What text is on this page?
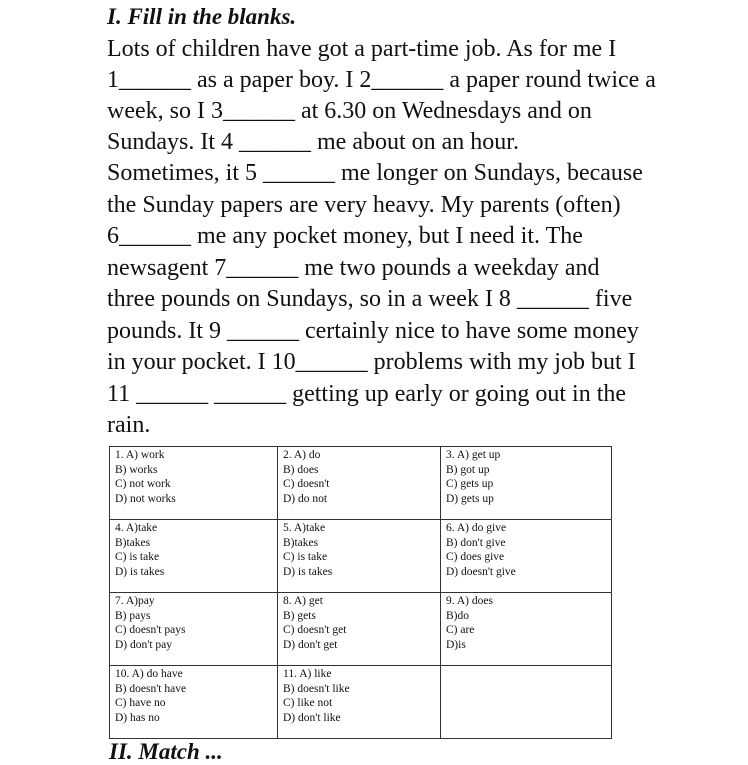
I. Fill in the blanks.
Lots of children have got a part-time job. As for me I
1______ as a paper boy. I 2______ a paper round twice a
week, so I 3______ at 6.30 on Wednesdays and on
Sundays. It 4 ______ me about on an hour.
Sometimes, it 5 ______ me longer on Sundays, because
the Sunday papers are very heavy. My parents (often)
6______ me any pocket money, but I need it. The
newsagent 7______ me two pounds a weekday and
three pounds on Sundays, so in a week I 8 ______ five
pounds. It 9 ______ certainly nice to have some money
in your pocket. I 10______ problems with my job but I
11 ______ ______ getting up early or going out in the
rain.
1. A) work
B) works
C) not work
D) not works	2. A) do
B) does
C) doesn't
D) do not	3. A) get up
B) got up
C) gets up
D) gets up

4. A)take
B)takes
C) is take
D) is takes	5. A)take
B)takes
C) is take
D) is takes	6. A) do give
B) don't give
C) does give
D) doesn't give

7. A)pay
B) pays
C) doesn't pays
D) don't pay	8. A) get
B) gets
C) doesn't get
D) don't get	9. A) does
B)do
C) are
D)is

10. A) do have
B) doesn't have
C) have no
D) has no	11. A) like
B) doesn't like
C) like not
D) don't like	

II. Match ...
